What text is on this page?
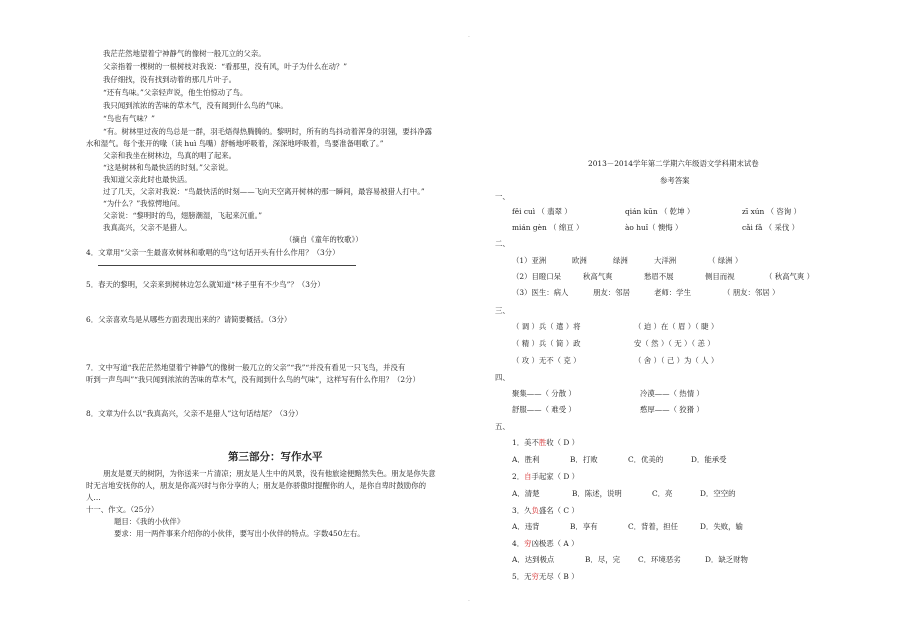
.
.
我茫茫然地望着宁神静气的像树一般兀立的父亲。
父亲指着一棵树的一根树枝对我说：“看那里，没有风，叶子为什么在动？”
我仔细找，没有找到动着的那几片叶子。
“还有鸟味。”父亲轻声说，他生怕惊动了鸟。
我只闻到浓浓的苦味的草木气，没有闻到什么鸟的气味。
“鸟也有气味？”
“有。树林里过夜的鸟总是一群，羽毛焐得热腾腾的。黎明时，所有的鸟抖动着浑身的羽翎，要抖净露
水和湿气。每个张开的喙（读 huì 鸟嘴）舒畅地呼吸着，深深地呼吸着，鸟要准备唱歌了。”
父亲和我坐在树林边，鸟真的唱了起来。
“这是树林和鸟最快活的时刻。”父亲说。
我知道父亲此时也最快活。
过了几天，父亲对我说：“鸟最快活的时刻——飞向天空离开树林的那一瞬间，最容易被猎人打中。”
“为什么？”我惊愕地问。
父亲说：“黎明时的鸟，翅膀潮湿，飞起来沉重。”
我真高兴，父亲不是猎人。
（摘自《童年的牧歌》）
4．文章用“父亲一生最喜欢树林和歌唱的鸟”这句话开头有什么作用？（3分）
5．春天的黎明，父亲来到树林边怎么就知道“林子里有不少鸟”？（3分）
6．父亲喜欢鸟是从哪些方面表现出来的？请简要概括。（3分）
7．文中写道“我茫茫然地望着宁神静气的像树一般兀立的父亲”“我”“并没有看见一只飞鸟，并没有
听到一声鸟叫”“我只闻到浓浓的苦味的草木气，没有闻到什么鸟的气味”，这样写有什么作用？（2分）
8．文章为什么以“我真高兴，父亲不是猎人”这句话结尾？（3分）
第三部分：写作水平
朋友是夏天的树阴，为你送来一片清凉；朋友是人生中的风景，没有他旅途便黯然失色。朋友是你失意
时无言地安抚你的人，朋友是你高兴时与你分享的人；朋友是你骄傲时提醒你的人，是你自卑时鼓励你的
人…
十一、作文。（25分）
题目：《我的小伙伴》
要求：用一两件事来介绍你的小伙伴，要写出小伙伴的特点。字数450左右。
2013－2014学年第二学期六年级语文学科期末试卷
参考答案
一、
fěi cuì （ 翡翠 ）	qián kūn （ 乾坤 ）	zī xún （ 咨询 ）
mián gèn （ 绵亘 ）	ào huǐ（ 懊悔 ）	cǎi fǎ （ 采伐 ）
二、
（1）亚洲	欧洲	绿洲	大洋洲	（ 绿洲 ）
（2）目瞪口呆	秋高气爽	愁眉不展	侧目而视	（ 秋高气爽 ）
（3）医生：病人	朋友：邻居	老师：学生	（ 朋友：邻居 ）
三、
（ 调 ）兵（ 遣 ）将	（ 迫 ）在（ 眉 ）（ 睫 ）
（ 精 ）兵（ 简 ）政	安（ 然 ）（ 无 ）（ 恙 ）
（ 攻 ）无不（ 克 ）	（ 舍 ）（ 己 ）为（ 人 ）
四、
聚集——（ 分散 ）	冷漠——（ 热情 ）
舒服——（ 难受 ）	憨厚——（ 狡猾 ）
五、
1．美不胜收（ D ）
A．胜利	B．打败	C．优美的	D．能承受
2．自手起家（ D ）
A．清楚	B．陈述，说明	C．亮	D．空空的
3．久负盛名（ C ）
A．违背	B．享有	C．背着，担任	D．失败，输
4．穷凶极恶（ A ）
A．达到极点	B．尽，完 C．环境恶劣	D．缺乏财物
5．无穷无尽（ B ）
